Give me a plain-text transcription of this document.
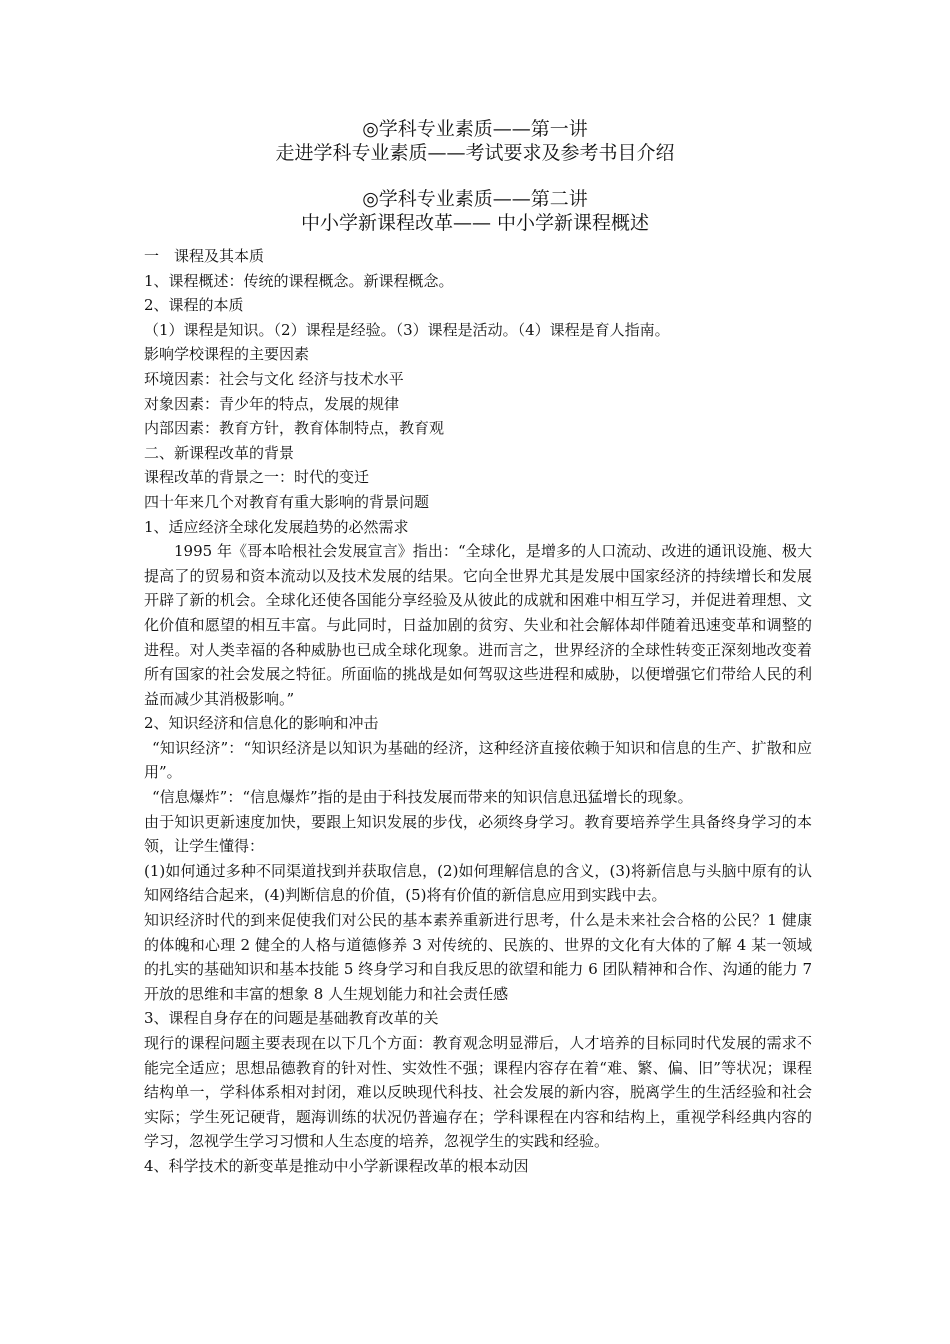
◎学科专业素质——第一讲
走进学科专业素质——考试要求及参考书目介绍
◎学科专业素质——第二讲
中小学新课程改革—— 中小学新课程概述

一　课程及其本质

1、课程概述：传统的课程概念。新课程概念。

2、课程的本质

（1）课程是知识。（2）课程是经验。（3）课程是活动。（4）课程是育人指南。

影响学校课程的主要因素

环境因素：社会与文化 经济与技术水平

对象因素：青少年的特点，发展的规律

内部因素：教育方针，教育体制特点，教育观

二、新课程改革的背景

课程改革的背景之一：时代的变迁

四十年来几个对教育有重大影响的背景问题

1、适应经济全球化发展趋势的必然需求

1995 年《哥本哈根社会发展宣言》指出：“全球化，是增多的人口流动、改进的通讯设施、极大提高了的贸易和资本流动以及技术发展的结果。它向全世界尤其是发展中国家经济的持续增长和发展开辟了新的机会。全球化还使各国能分享经验及从彼此的成就和困难中相互学习，并促进着理想、文化价值和愿望的相互丰富。与此同时，日益加剧的贫穷、失业和社会解体却伴随着迅速变革和调整的进程。对人类幸福的各种威胁也已成全球化现象。进而言之，世界经济的全球性转变正深刻地改变着所有国家的社会发展之特征。所面临的挑战是如何驾驭这些进程和威胁，以便增强它们带给人民的利益而减少其消极影响。”

2、知识经济和信息化的影响和冲击

“知识经济”：“知识经济是以知识为基础的经济，这种经济直接依赖于知识和信息的生产、扩散和应用”。

“信息爆炸”：“信息爆炸”指的是由于科技发展而带来的知识信息迅猛增长的现象。

由于知识更新速度加快，要跟上知识发展的步伐，必须终身学习。教育要培养学生具备终身学习的本领，让学生懂得：

(1)如何通过多种不同渠道找到并获取信息，(2)如何理解信息的含义，(3)将新信息与头脑中原有的认知网络结合起来，(4)判断信息的价值，(5)将有价值的新信息应用到实践中去。

知识经济时代的到来促使我们对公民的基本素养重新进行思考，什么是未来社会合格的公民？1 健康的体魄和心理 2 健全的人格与道德修养 3 对传统的、民族的、世界的文化有大体的了解 4 某一领域的扎实的基础知识和基本技能 5 终身学习和自我反思的欲望和能力 6 团队精神和合作、沟通的能力 7 开放的思维和丰富的想象 8 人生规划能力和社会责任感

3、课程自身存在的问题是基础教育改革的关

现行的课程问题主要表现在以下几个方面：教育观念明显滞后，人才培养的目标同时代发展的需求不能完全适应；思想品德教育的针对性、实效性不强；课程内容存在着“难、繁、偏、旧”等状况；课程结构单一，学科体系相对封闭，难以反映现代科技、社会发展的新内容，脱离学生的生活经验和社会实际；学生死记硬背，题海训练的状况仍普遍存在；学科课程在内容和结构上，重视学科经典内容的学习，忽视学生学习习惯和人生态度的培养，忽视学生的实践和经验。

4、科学技术的新变革是推动中小学新课程改革的根本动因
